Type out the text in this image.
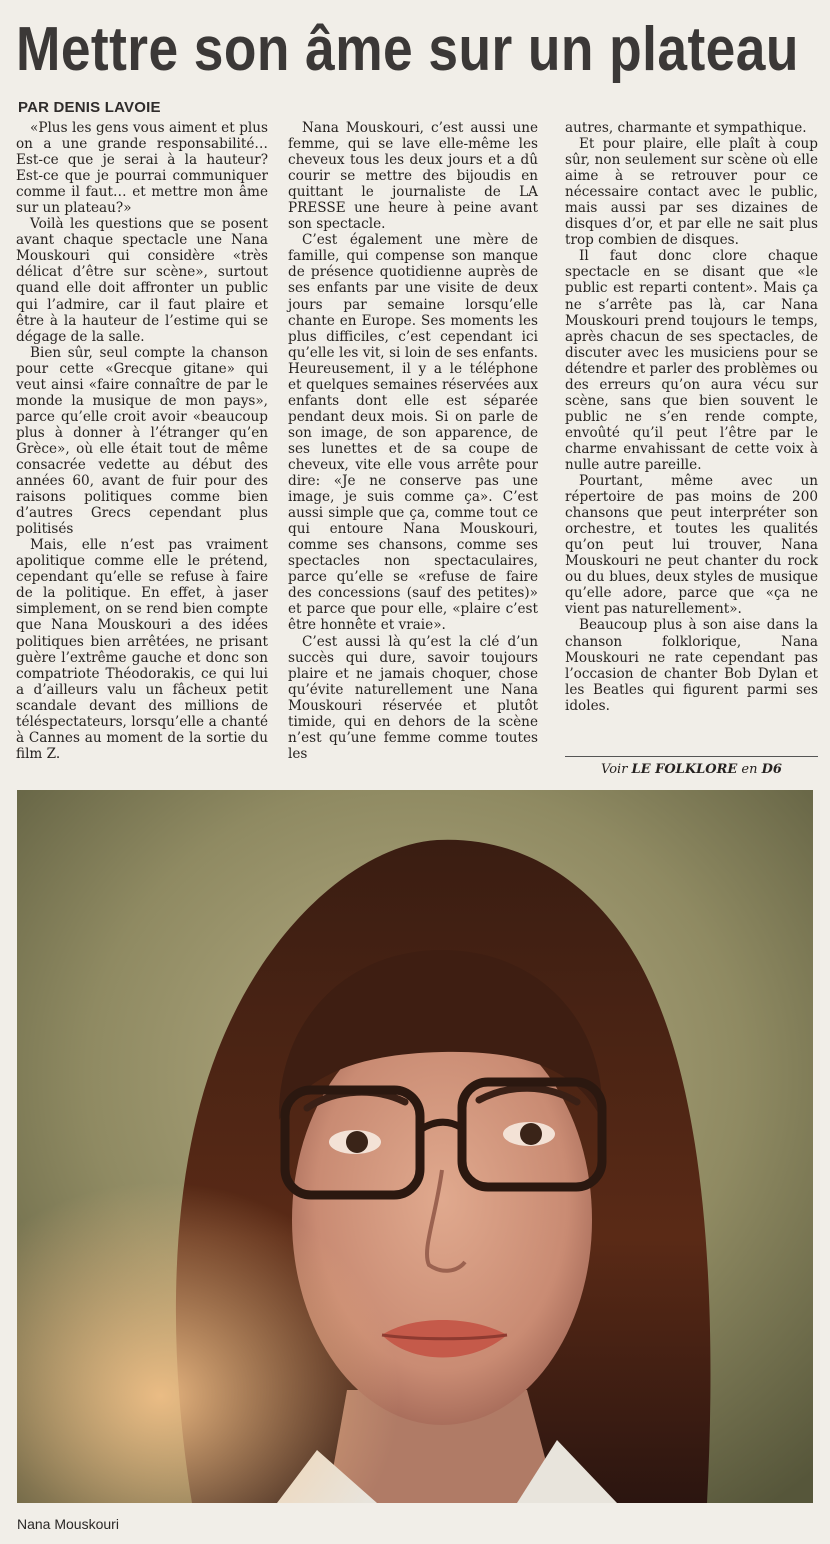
Mettre son âme sur un plateau

PAR DENIS LAVOIE

«Plus les gens vous aiment et plus on a une grande responsabilité… Est-ce que je serai à la hauteur? Est-ce que je pourrai communiquer comme il faut… et mettre mon âme sur un plateau?»

Voilà les questions que se posent avant chaque spectacle une Nana Mouskouri qui considère «très délicat d’être sur scène», surtout quand elle doit affronter un public qui l’admire, car il faut plaire et être à la hauteur de l’estime qui se dégage de la salle.

Bien sûr, seul compte la chanson pour cette «Grecque gitane» qui veut ainsi «faire connaître de par le monde la musique de mon pays», parce qu’elle croit avoir «beaucoup plus à donner à l’étranger qu’en Grèce», où elle était tout de même consacrée vedette au début des années 60, avant de fuir pour des raisons politiques comme bien d’autres Grecs cependant plus politisés

Mais, elle n’est pas vraiment apolitique comme elle le prétend, cependant qu’elle se refuse à faire de la politique. En effet, à jaser simplement, on se rend bien compte que Nana Mouskouri a des idées politiques bien arrêtées, ne prisant guère l’extrême gauche et donc son compatriote Théodorakis, ce qui lui a d’ailleurs valu un fâcheux petit scandale devant des millions de téléspectateurs, lorsqu’elle a chanté à Cannes au moment de la sortie du film Z.

Nana Mouskouri, c’est aussi une femme, qui se lave elle-même les cheveux tous les deux jours et a dû courir se mettre des bijoudis en quittant le journaliste de LA PRESSE une heure à peine avant son spectacle.

C’est également une mère de famille, qui compense son manque de présence quotidienne auprès de ses enfants par une visite de deux jours par semaine lorsqu’elle chante en Europe. Ses moments les plus difficiles, c’est cependant ici qu’elle les vit, si loin de ses enfants. Heureusement, il y a le téléphone et quelques semaines réservées aux enfants dont elle est séparée pendant deux mois. Si on parle de son image, de son apparence, de ses lunettes et de sa coupe de cheveux, vite elle vous arrête pour dire: «Je ne conserve pas une image, je suis comme ça». C’est aussi simple que ça, comme tout ce qui entoure Nana Mouskouri, comme ses chansons, comme ses spectacles non spectaculaires, parce qu’elle se «refuse de faire des concessions (sauf des petites)» et parce que pour elle, «plaire c’est être honnête et vraie».

C’est aussi là qu’est la clé d’un succès qui dure, savoir toujours plaire et ne jamais choquer, chose qu’évite naturellement une Nana Mouskouri réservée et plutôt timide, qui en dehors de la scène n’est qu’une femme comme toutes les

autres, charmante et sympathique.

Et pour plaire, elle plaît à coup sûr, non seulement sur scène où elle aime à se retrouver pour ce nécessaire contact avec le public, mais aussi par ses dizaines de disques d’or, et par elle ne sait plus trop combien de disques.

Il faut donc clore chaque spectacle en se disant que «le public est reparti content». Mais ça ne s’arrête pas là, car Nana Mouskouri prend toujours le temps, après chacun de ses spectacles, de discuter avec les musiciens pour se détendre et parler des problèmes ou des erreurs qu’on aura vécu sur scène, sans que bien souvent le public ne s’en rende compte, envoûté qu’il peut l’être par le charme envahissant de cette voix à nulle autre pareille.

Pourtant, même avec un répertoire de pas moins de 200 chansons que peut interpréter son orchestre, et toutes les qualités qu’on peut lui trouver, Nana Mouskouri ne peut chanter du rock ou du blues, deux styles de musique qu’elle adore, parce que «ça ne vient pas naturellement».

Beaucoup plus à son aise dans la chanson folklorique, Nana Mouskouri ne rate cependant pas l’occasion de chanter Bob Dylan et les Beatles qui figurent parmi ses idoles.

Voir LE FOLKLORE en D6

Nana Mouskouri
